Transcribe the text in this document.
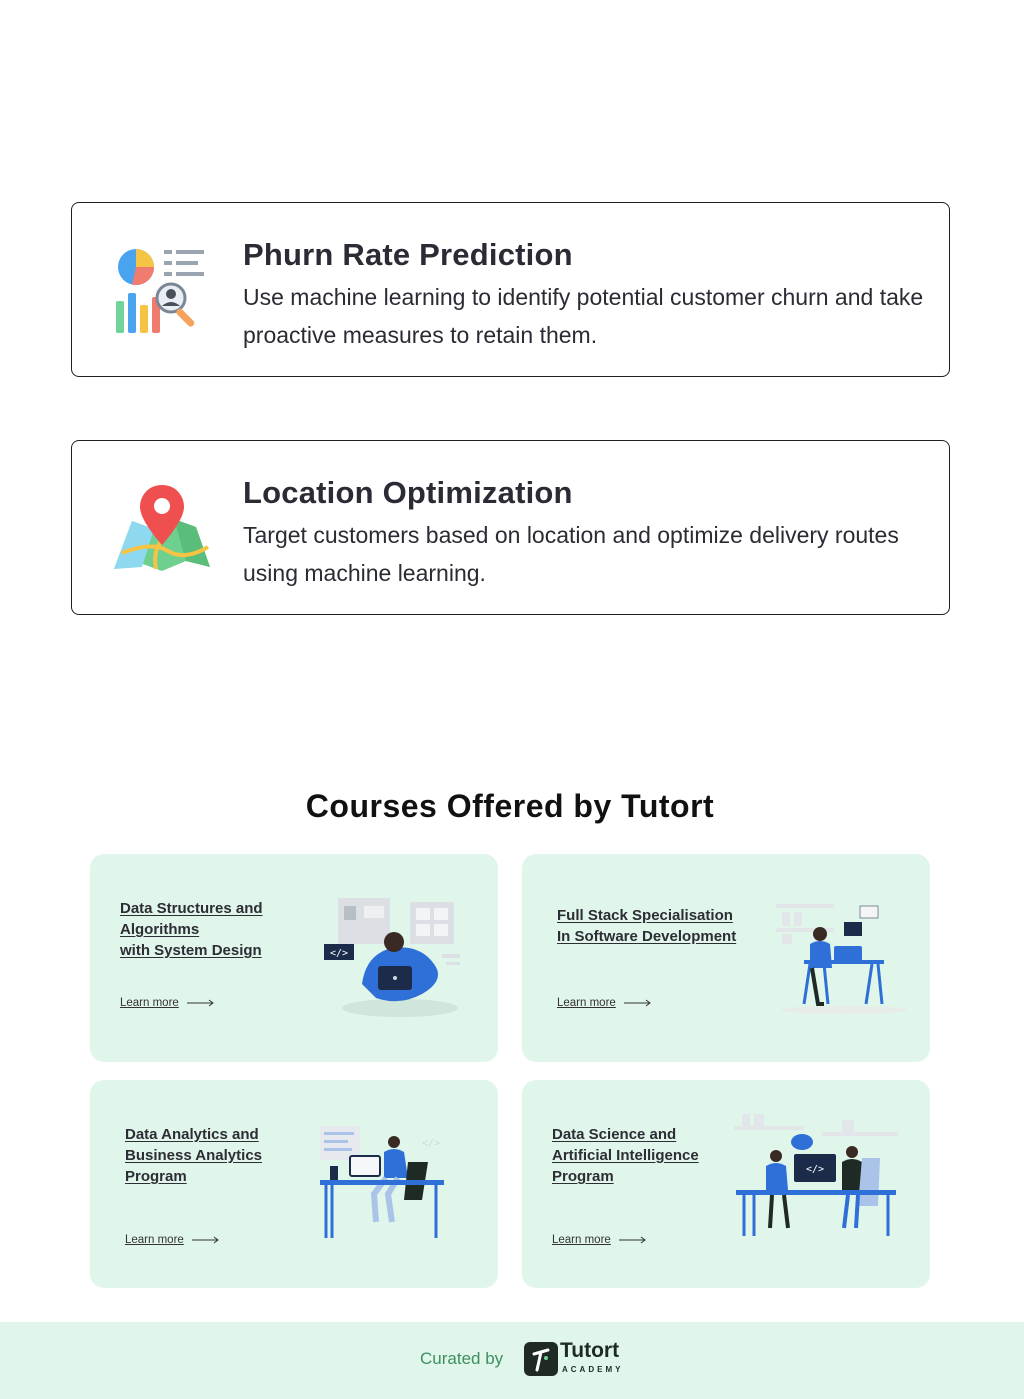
Phurn Rate Prediction
Use machine learning to identify potential customer churn and take proactive measures to retain them.
Location Optimization
Target customers based on location and optimize delivery routes using machine learning.
Courses Offered by Tutort
Data Structures and
Algorithms
with System Design
Learn more
</>
Full Stack Specialisation
In Software Development
Learn more
Data Analytics and
Business Analytics
Program
Learn more
</>
Data Science and
Artificial Intelligence
Program
Learn more
</>
Curated by	Tutort
ACADEMY
